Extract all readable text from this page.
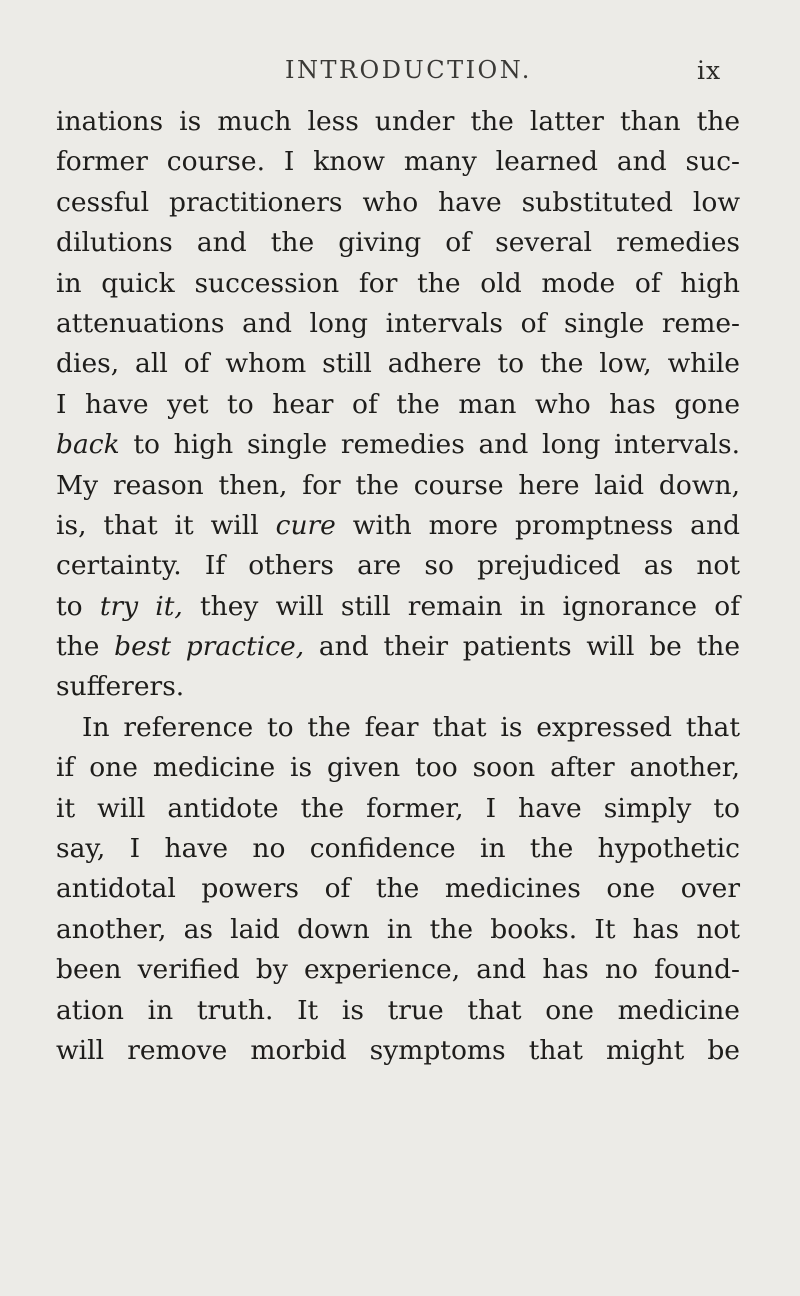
INTRODUCTION.	ix
inations is much less under the latter than the
former course. I know many learned and suc-
cessful practitioners who have substituted low
dilutions and the giving of several remedies
in quick succession for the old mode of high
attenuations and long intervals of single reme-
dies, all of whom still adhere to the low, while
I have yet to hear of the man who has gone
back to high single remedies and long intervals.
My reason then, for the course here laid down,
is, that it will cure with more promptness and
certainty. If others are so prejudiced as not
to try it, they will still remain in ignorance of
the best practice, and their patients will be the
sufferers.
In reference to the fear that is expressed that
if one medicine is given too soon after another,
it will antidote the former, I have simply to
say, I have no confidence in the hypothetic
antidotal powers of the medicines one over
another, as laid down in the books. It has not
been verified by experience, and has no found-
ation in truth. It is true that one medicine
will remove morbid symptoms that might be
